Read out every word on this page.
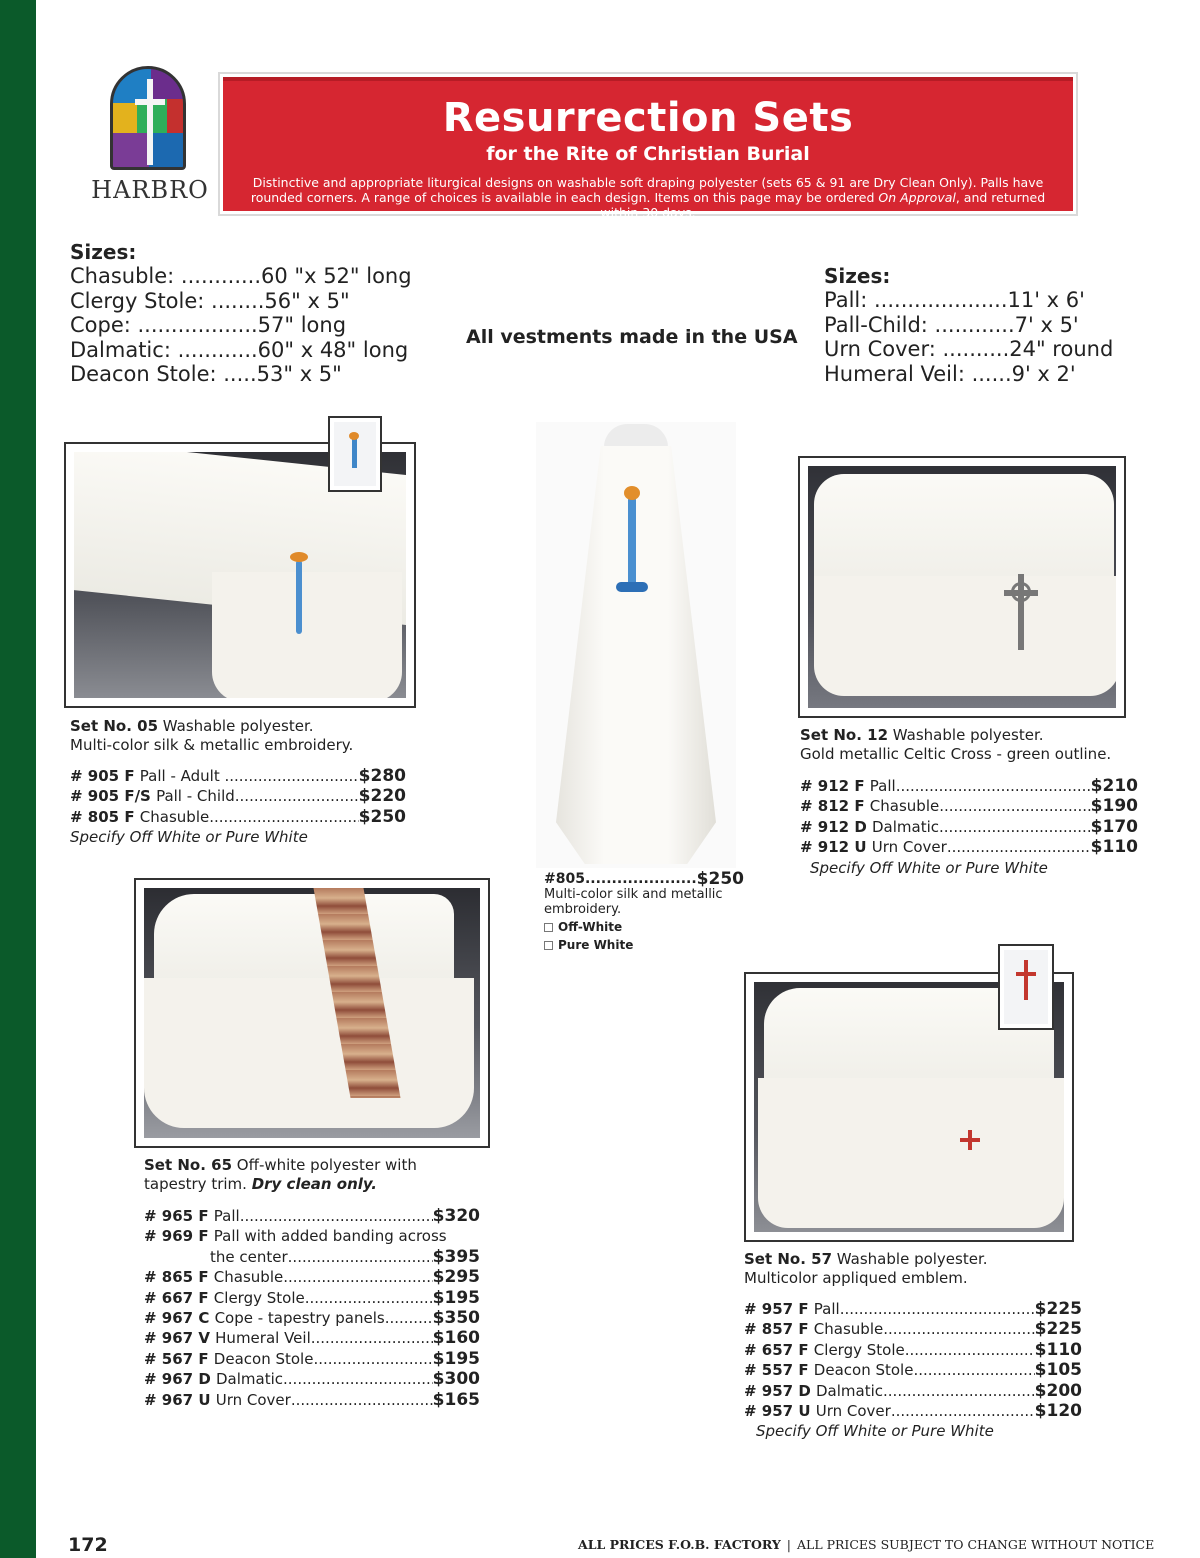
HARBRO
Resurrection Sets
for the Rite of Christian Burial

Distinctive and appropriate liturgical designs on washable soft draping polyester (sets 65 & 91 are Dry Clean Only). Palls have rounded corners. A range of choices is available in each design. Items on this page may be ordered On Approval, and returned within 30 days.

Sizes:
Chasuble: ............60 "x 52" long
Clergy Stole: ........56" x 5"
Cope: ..................57" long
Dalmatic: ............60" x 48" long
Deacon Stole: .....53" x 5"
All vestments made in the USA
Sizes:
Pall: ....................11' x 6'
Pall-Child: ............7' x 5'
Urn Cover: ..........24" round
Humeral Veil: ......9' x 2'
Set No. 05 Washable polyester.
Multi-color silk & metallic embroidery.
# 905 F Pall - Adult .....	$280
# 905 F/S Pall - Child .....	$220
# 805 F Chasuble .....	$250
Specify Off White or Pure White
#805 .....	$250
Multi-color silk and metallic embroidery.
Off-White
Pure White
Set No. 12 Washable polyester.
Gold metallic Celtic Cross - green outline.
# 912 F Pall .....	$210
# 812 F Chasuble .....	$190
# 912 D Dalmatic .....	$170
# 912 U Urn Cover .....	$110
Specify Off White or Pure White
Set No. 65 Off-white polyester with
tapestry trim. Dry clean only.
# 965 F Pall .....	$320
# 969 F Pall with added banding across
the center .....	$395
# 865 F Chasuble .....	$295
# 667 F Clergy Stole .....	$195
# 967 C Cope - tapestry panels .....	$350
# 967 V Humeral Veil .....	$160
# 567 F Deacon Stole .....	$195
# 967 D Dalmatic .....	$300
# 967 U Urn Cover .....	$165
Set No. 57 Washable polyester.
Multicolor appliqued emblem.
# 957 F Pall .....	$225
# 857 F Chasuble .....	$225
# 657 F Clergy Stole .....	$110
# 557 F Deacon Stole .....	$105
# 957 D Dalmatic .....	$200
# 957 U Urn Cover .....	$120
Specify Off White or Pure White
172	ALL PRICES F.O.B. FACTORY | ALL PRICES SUBJECT TO CHANGE WITHOUT NOTICE
